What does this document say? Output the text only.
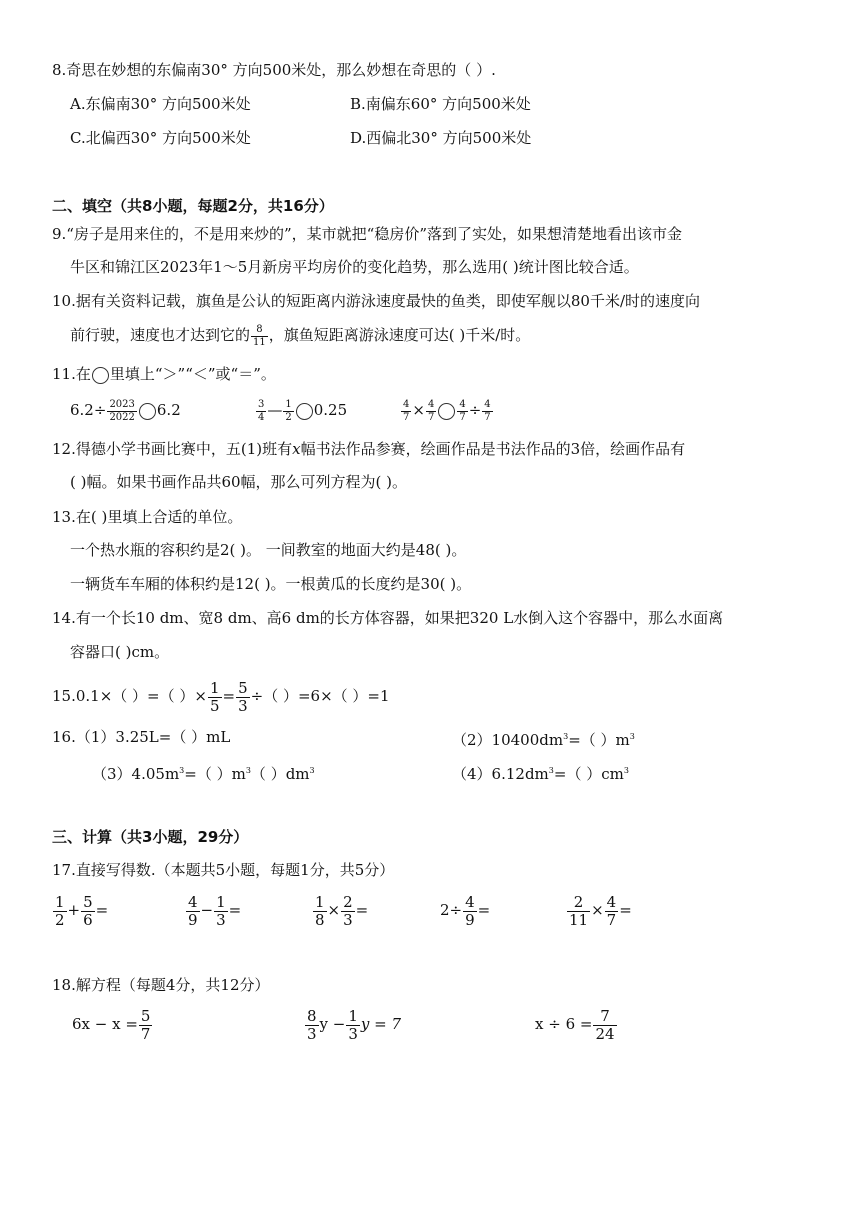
8.奇思在妙想的东偏南30° 方向500米处，那么妙想在奇思的（ ）.
A.东偏南30° 方向500米处	B.南偏东60° 方向500米处
C.北偏西30° 方向500米处	D.西偏北30° 方向500米处
二、填空（共8小题，每题2分，共16分）
9.“房子是用来住的，不是用来炒的”，某市就把“稳房价”落到了实处，如果想清楚地看出该市金
牛区和锦江区2023年1～5月新房平均房价的变化趋势，那么选用( )统计图比较合适。
10.据有关资料记载，旗鱼是公认的短距离内游泳速度最快的鱼类，即使军舰以80千米/时的速度向
前行驶，速度也才达到它的 $\frac{8}{11}$ ，旗鱼短距离游泳速度可达( )千米/时。
11.在 里填上“＞”“＜”或“＝”。
$6.2\div \frac{2023}{2022} 6.2$	$\frac{3}{4}$ — $\frac{1}{2} 0.25$	$\frac{4}{7} \times \frac{4}{7} \frac{4}{7} \div \frac{4}{7}$
12.得德小学书画比赛中，五(1)班有x幅书法作品参赛，绘画作品是书法作品的3倍，绘画作品有
( )幅。如果书画作品共60幅，那么可列方程为( )。
13.在( )里填上合适的单位。
一个热水瓶的容积约是2( )。 一间教室的地面大约是48( )。
一辆货车车厢的体积约是12( )。一根黄瓜的长度约是30( )。
14.有一个长10 dm、宽8 dm、高6 dm的长方体容器，如果把320 L水倒入这个容器中，那么水面离
容器口( )cm。
15.0.1×（ ）=（ ）× $\frac{1}{5} = \frac{5}{3}$ ÷（ ）=6×（ ）=1
16.（1）3.25L=（ ）mL	$(2)10400dm^3=$（ ）$m^3$
$(3)4.05m^3=$（ ）$m^3$（ ）$dm^3$	$(4)6.12dm^3=$（ ）$cm^3$
三、计算（共3小题，29分）
17.直接写得数.（本题共5小题，每题1分，共5分）
$\frac{1}{2} + \frac{5}{6}$ =	$\frac{4}{9} - \frac{1}{3}$ =	$\frac{1}{8} \times \frac{2}{3}$ =	$2\div \frac{4}{9}$ =	$\frac{2}{11} \times \frac{4}{7}$ =
18.解方程（每题4分，共12分）
$6x - x = \frac{5}{7}$	$\frac{8}{3}$ $y - \frac{1}{3}$ y = 7	$x \div 6 = \frac{7}{24}$
